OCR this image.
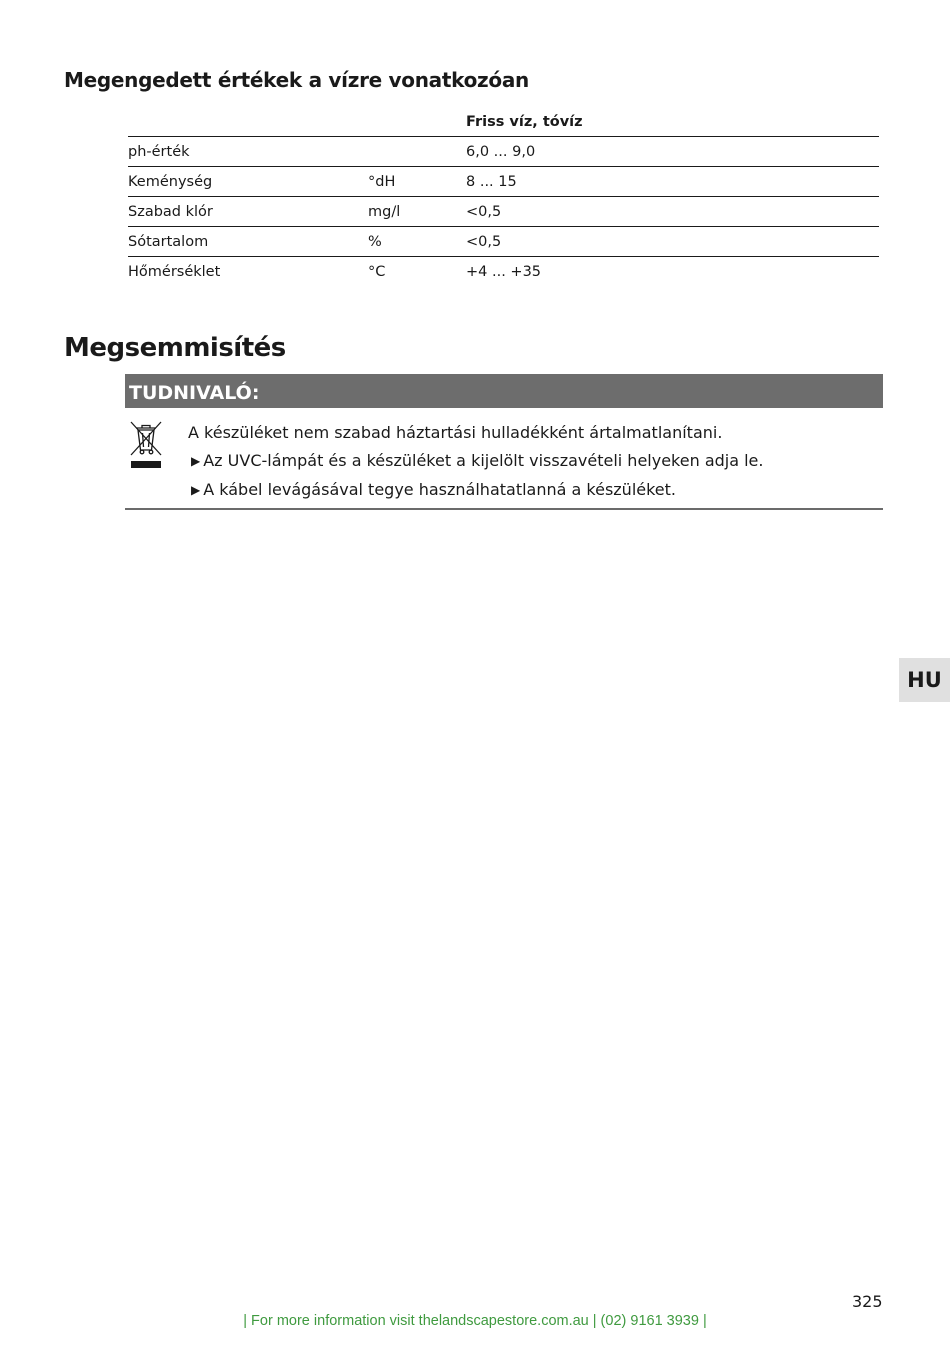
Megengedett értékek a vízre vonatkozóan
		Friss víz, tóvíz
ph-érték		6,0 ... 9,0
Keménység	°dH	8 ... 15
Szabad klór	mg/l	<0,5
Sótartalom	%	<0,5
Hőmérséklet	°C	+4 ... +35
Megsemmisítés
TUDNIVALÓ:

A készüléket nem szabad háztartási hulladékként ártalmatlanítani.

▶ Az UVC-lámpát és a készüléket a kijelölt visszavételi helyeken adja le.

▶ A kábel levágásával tegye használhatatlanná a készüléket.

HU
325
| For more information visit thelandscapestore.com.au | (02) 9161 3939 |
